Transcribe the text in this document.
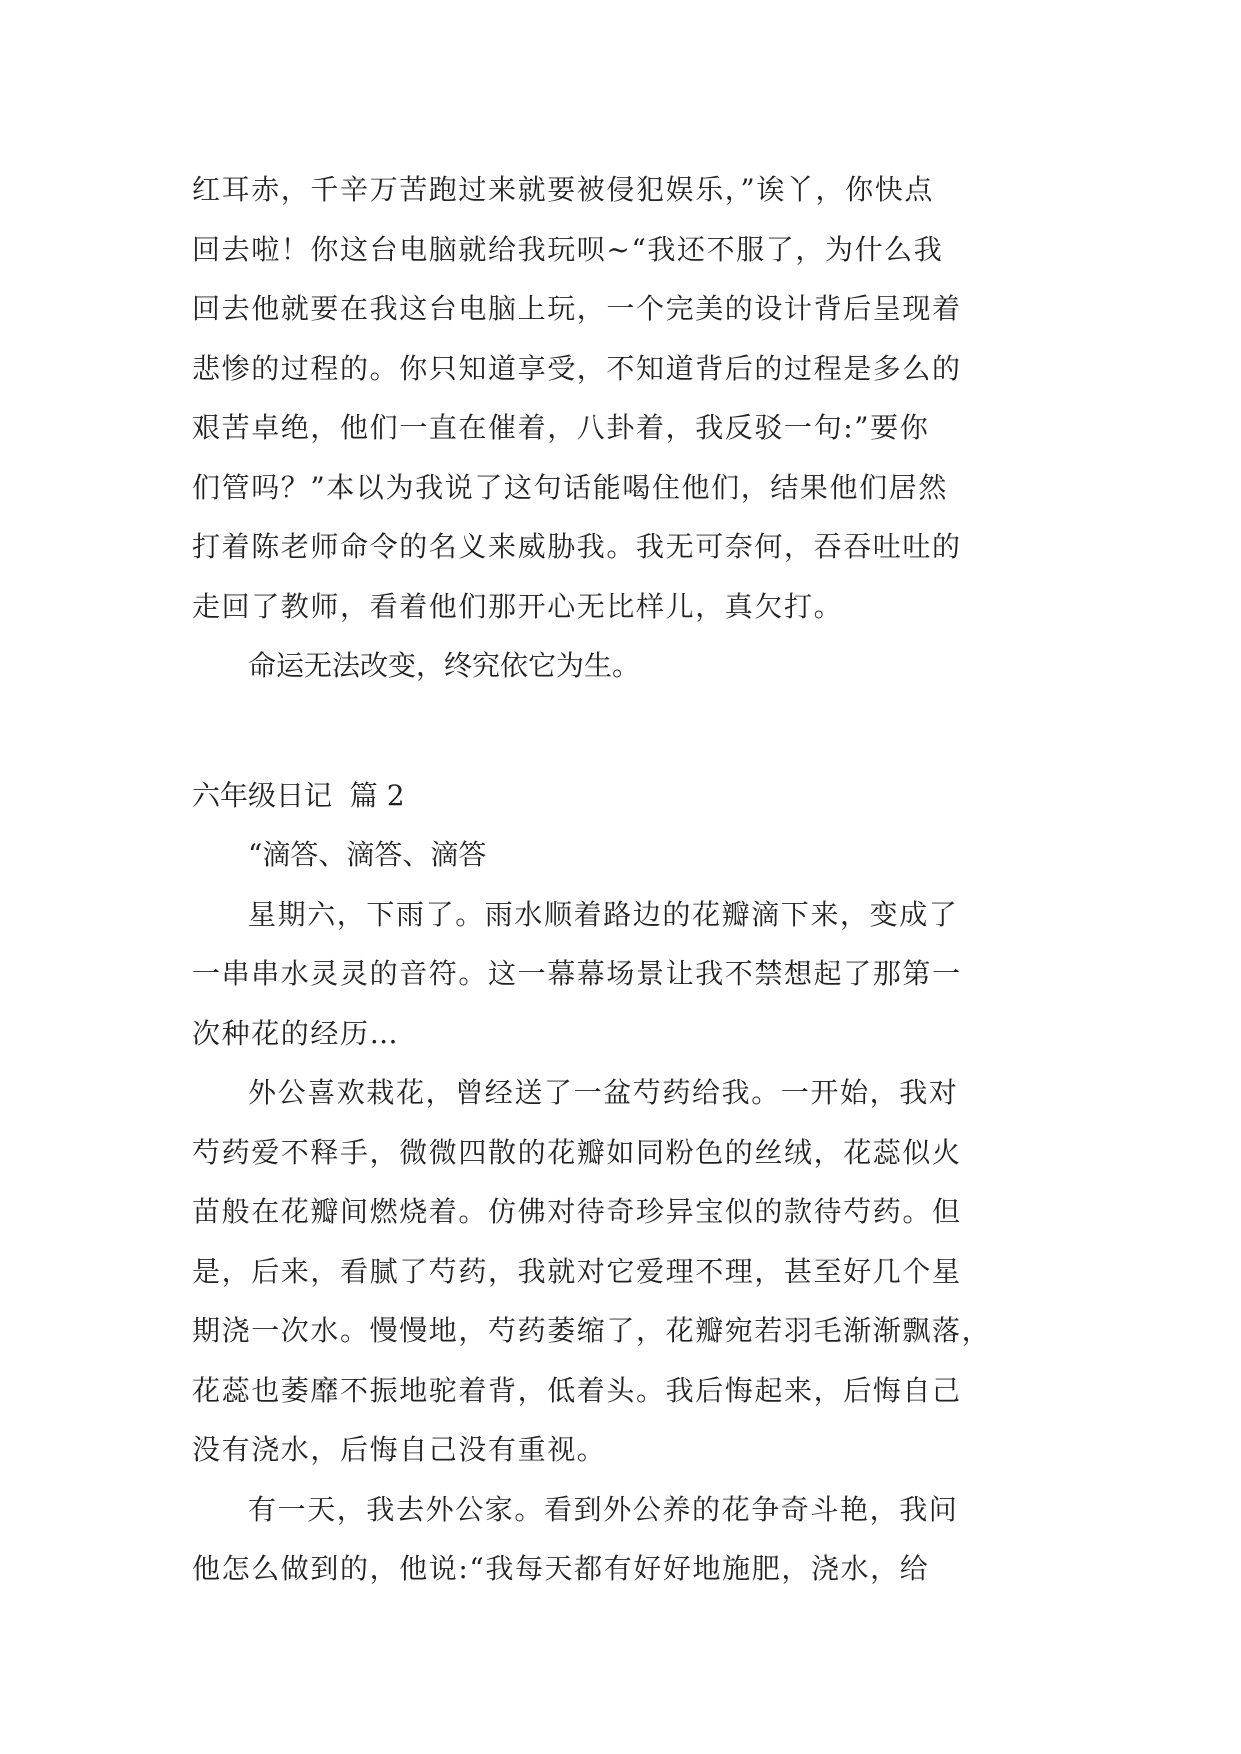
红耳赤，千辛万苦跑过来就要被侵犯娱乐，”诶丫，你快点
回去啦！你这台电脑就给我玩呗~“我还不服了，为什么我
回去他就要在我这台电脑上玩，一个完美的设计背后呈现着
悲惨的过程的。你只知道享受，不知道背后的过程是多么的
艰苦卓绝，他们一直在催着，八卦着，我反驳一句:”要你
们管吗？”本以为我说了这句话能喝住他们，结果他们居然
打着陈老师命令的名义来威胁我。我无可奈何，吞吞吐吐的
走回了教师，看着他们那开心无比样儿，真欠打。

命运无法改变，终究依它为生。

六年级日记  篇 2

“滴答、滴答、滴答

星期六，下雨了。雨水顺着路边的花瓣滴下来，变成了
一串串水灵灵的音符。这一幕幕场景让我不禁想起了那第一
次种花的经历…
外公喜欢栽花，曾经送了一盆芍药给我。一开始，我对
芍药爱不释手，微微四散的花瓣如同粉色的丝绒，花蕊似火
苗般在花瓣间燃烧着。仿佛对待奇珍异宝似的款待芍药。但
是，后来，看腻了芍药，我就对它爱理不理，甚至好几个星
期浇一次水。慢慢地，芍药萎缩了，花瓣宛若羽毛渐渐飘落，
花蕊也萎靡不振地驼着背，低着头。我后悔起来，后悔自己
没有浇水，后悔自己没有重视。
有一天，我去外公家。看到外公养的花争奇斗艳，我问
他怎么做到的，他说:“我每天都有好好地施肥，浇水，给
